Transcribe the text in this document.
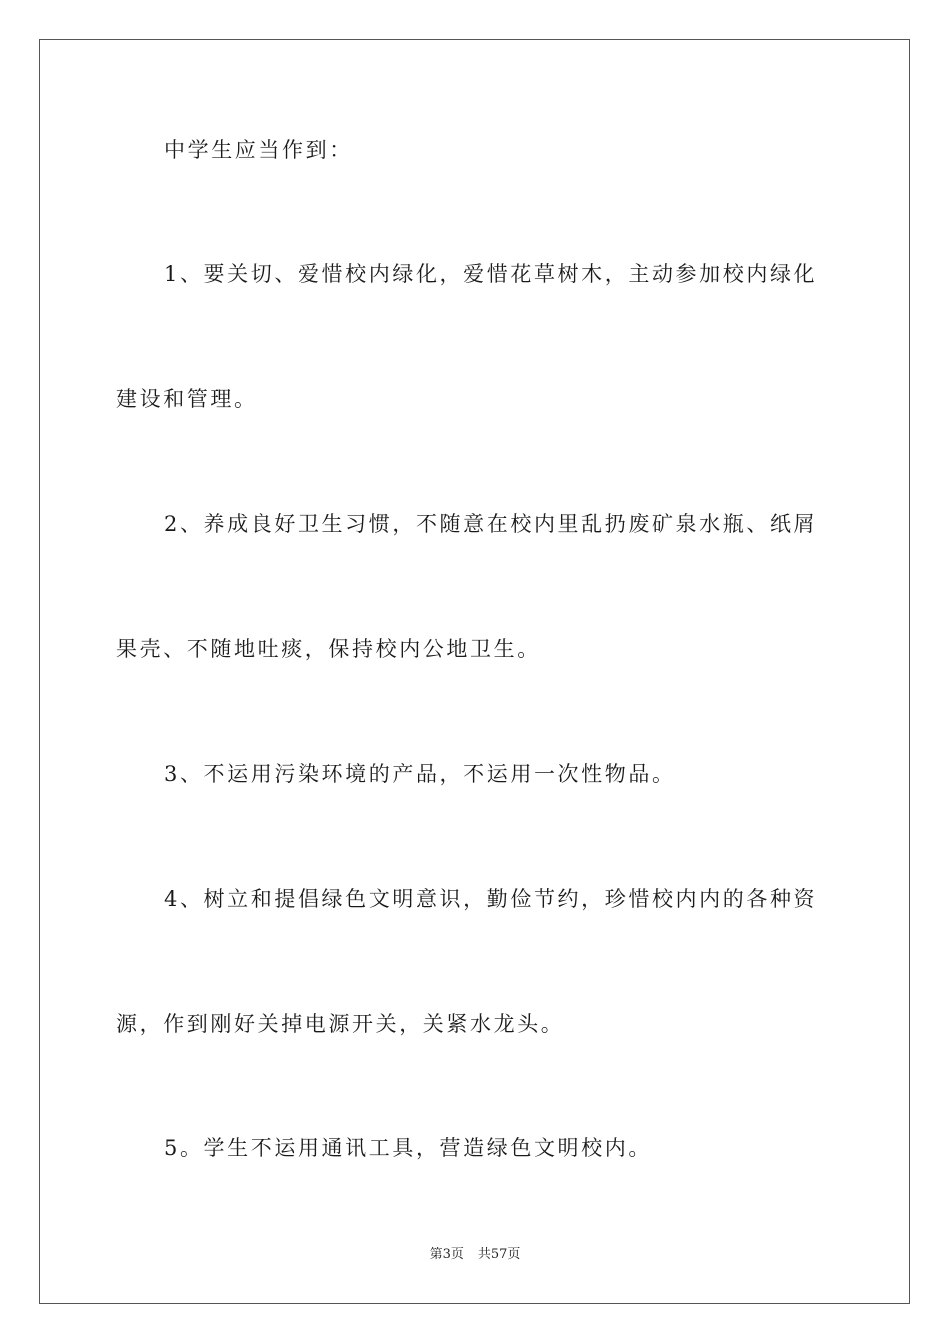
中学生应当作到：
1、要关切、爱惜校内绿化，爱惜花草树木，主动参加校内绿化
建设和管理。
2、养成良好卫生习惯，不随意在校内里乱扔废矿泉水瓶、纸屑
果壳、不随地吐痰，保持校内公地卫生。
3、不运用污染环境的产品，不运用一次性物品。
4、树立和提倡绿色文明意识，勤俭节约，珍惜校内内的各种资
源，作到刚好关掉电源开关，关紧水龙头。
5。学生不运用通讯工具，营造绿色文明校内。
第3页 共57页
